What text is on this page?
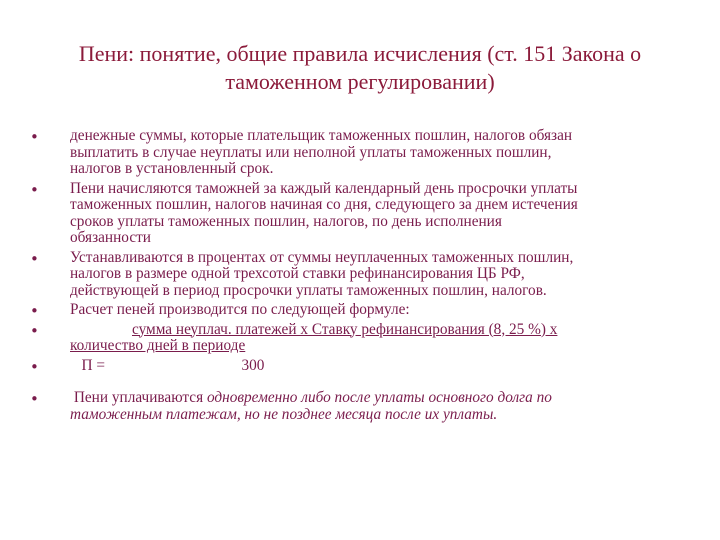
Пени: понятие, общие правила исчисления (ст. 151 Закона о
таможенном регулировании)
• денежные суммы, которые плательщик таможенных пошлин, налогов обязан
выплатить в случае неуплаты или неполной уплаты таможенных пошлин,
налогов в установленный срок.
• Пени начисляются таможней за каждый календарный день просрочки уплаты
таможенных пошлин, налогов начиная со дня, следующего за днем истечения
сроков уплаты таможенных пошлин, налогов, по день исполнения
обязанности
• Устанавливаются в процентах от суммы неуплаченных таможенных пошлин,
налогов в размере одной трехсотой ставки рефинансирования ЦБ РФ,
действующей в период просрочки уплаты таможенных пошлин, налогов.
• Расчет пеней производится по следующей формуле:
•	сумма неуплач. платежей х Ставку рефинансирования (8, 25 %) х
количество дней в периоде
•	П =	300
• Пени уплачиваются одновременно либо после уплаты основного долга по
таможенным платежам, но не позднее месяца после их уплаты.
